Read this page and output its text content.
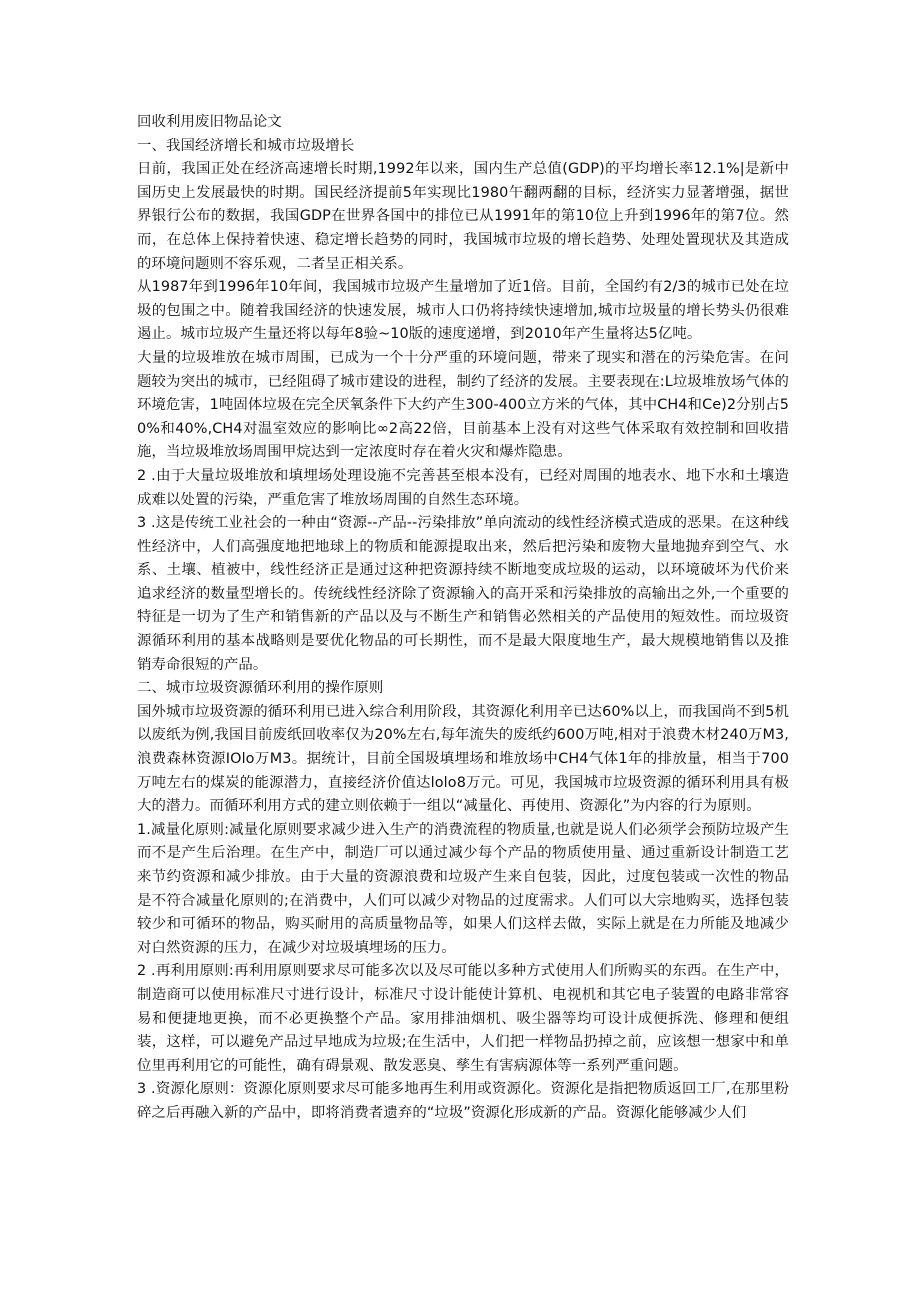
回收利用废旧物品论文

一、我国经济增长和城市垃圾增长

日前，我国正处在经济高速增长时期,1992年以来，国内生产总值(GDP)的平均增长率12.1%|是新中国历史上发展最快的时期。国民经济提前5年实现比1980午翻两翻的目标，经济实力显著增强，据世界银行公布的数据，我国GDP在世界各国中的排位已从1991年的第10位上升到1996年的第7位。然而，在总体上保持着快速、稳定增长趋势的同时，我国城市垃圾的增长趋势、处理处置现状及其造成的环境问题则不容乐观，二者呈正相关系。

从1987年到1996年10年间，我国城市垃圾产生量增加了近1倍。目前，全国约有2/3的城市已处在垃圾的包围之中。随着我国经济的快速发展，城市人口仍将持续快速增加,城市垃圾量的增长势头仍很难遏止。城市垃圾产生量还将以每年8验~10版的速度递增，到2010年产生量将达5亿吨。

大量的垃圾堆放在城市周围，已成为一个十分严重的环境问题，带来了现实和潜在的污染危害。在问题较为突出的城市，已经阻碍了城市建设的进程，制约了经济的发展。主要表现在:L垃圾堆放场气体的环境危害，1吨固体垃圾在完全厌氧条件下大约产生300-400立方米的气体，其中CH4和Ce)2分别占50%和40%,CH4对温室效应的影响比∞2高22倍，目前基本上没有对这些气体采取有效控制和回收措施，当垃圾堆放场周围甲烷达到一定浓度时存在着火灾和爆炸隐患。

2 .由于大量垃圾堆放和填埋场处理设施不完善甚至根本没有，已经对周围的地表水、地下水和土壤造成难以处置的污染，严重危害了堆放场周围的自然生态环境。

3 .这是传统工业社会的一种由“资源--产品--污染排放”单向流动的线性经济模式造成的恶果。在这种线性经济中，人们高强度地把地球上的物质和能源提取出来，然后把污染和废物大量地抛弃到空气、水系、土壤、植被中，线性经济正是通过这种把资源持续不断地变成垃圾的运动，以环境破坏为代价来追求经济的数量型增长的。传统线性经济除了资源输入的高开采和污染排放的高输出之外,一个重要的特征是一切为了生产和销售新的产品以及与不断生产和销售必然相关的产品使用的短效性。而垃圾资源循环利用的基本战略则是要优化物品的可长期性，而不是最大限度地生产，最大规模地销售以及推销寿命很短的产品。

二、城市垃圾资源循环利用的操作原则

国外城市垃圾资源的循环利用已进入综合利用阶段，其资源化利用辛已达60%以上，而我国尚不到5机以废纸为例,我国目前废纸回收率仅为20%左右,每年流失的废纸约600万吨,相对于浪费木材240万M3,浪费森林资源IOlo万M3。据统计，目前全国圾填埋场和堆放场中CH4气体1年的排放量，相当于700万吨左右的煤炭的能源潜力，直接经济价值达lolo8万元。可见，我国城市垃圾资源的循环利用具有极大的潜力。而循环利用方式的建立则依赖于一组以“减量化、再使用、资源化”为内容的行为原则。

1.减量化原则:减量化原则要求减少进入生产的消费流程的物质量,也就是说人们必须学会预防垃圾产生而不是产生后治理。在生产中，制造厂可以通过减少每个产品的物质使用量、通过重新设计制造工艺来节约资源和减少排放。由于大量的资源浪费和垃圾产生来自包装，因此，过度包装或一次性的物品是不符合减量化原则的;在消费中，人们可以减少对物品的过度需求。人们可以大宗地购买，选择包装较少和可循环的物品，购买耐用的高质量物品等，如果人们这样去做，实际上就是在力所能及地减少对白然资源的压力，在减少对垃圾填埋场的压力。

2 .再利用原则:再利用原则要求尽可能多次以及尽可能以多种方式使用人们所购买的东西。在生产中，制造商可以使用标准尺寸进行设计，标准尺寸设计能使计算机、电视机和其它电子装置的电路非常容易和便捷地更换，而不必更换整个产品。家用排油烟机、吸尘器等均可设计成便拆洗、修理和便组装，这样，可以避免产品过早地成为垃圾;在生活中，人们把一样物品扔掉之前，应该想一想家中和单位里再利用它的可能性，确有碍景观、散发恶臭、孳生有害病源体等一系列严重问题。

3 .资源化原则：资源化原则要求尽可能多地再生利用或资源化。资源化是指把物质返回工厂,在那里粉碎之后再融入新的产品中，即将消费者遗弃的“垃圾”资源化形成新的产品。资源化能够减少人们
